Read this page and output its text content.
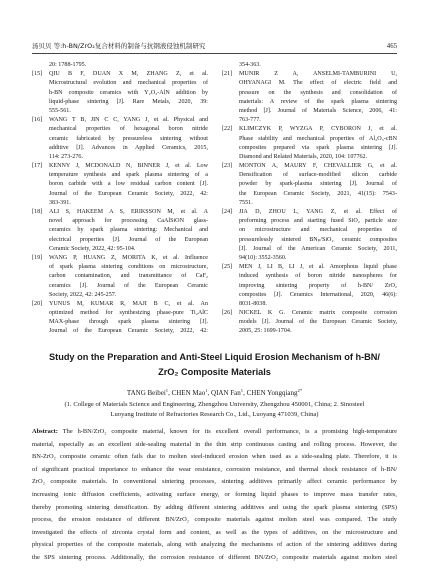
汤贝贝 等:h-BN/ZrO₂复合材料的制备与抗钢液侵蚀机制研究	465
20: 1788-1795.
[15]	QIU B F, DUAN X M, ZHANG Z, et al.
Microstructural evolution and mechanical properties of
h-BN composite ceramics with Y₂O₃-AlN addition by
liquid-phase sintering [J]. Rare Metals, 2020, 39:
555-561.
[16]	WANG T B, JIN C C, YANG J, et al. Physical and
mechanical properties of hexagonal boron nitride
ceramic fabricated by pressureless sintering without
additive [J]. Advances in Applied Ceramics, 2015,
114: 273-276.
[17]	KENNY J, MCDONALD N, BINNER J, et al. Low
temperature synthesis and spark plasma sintering of a
boron carbide with a low residual carbon content [J].
Journal of the European Ceramic Society, 2022, 42:
383-391.
[18]	ALI S, HAKEEM A S, ERIKSSON M, et al. A
novel approach for processing CaAlSiON glass-
ceramics by spark plasma sintering: Mechanical and
electrical properties [J]. Journal of the European
Ceramic Society, 2022, 42: 95-104.
[19]	WANG P, HUANG Z, MORITA K, et al. Influence
of spark plasma sintering conditions on microstructure,
carbon contamination, and transmittance of CaF₂
ceramics [J]. Journal of the European Ceramic
Society, 2022, 42: 245-257.
[20]	YUNUS M, KUMAR R, MAJI B C, et al. An
optimized method for synthesizing phase-pure Ti₂AlC
MAX-phase through spark plasma sintering [J].
Journal of the European Ceramic Society, 2022, 42:
354-363.
[21]	MUNIR Z A, ANSELMI-TAMBURINI U,
OHYANAGI M. The effect of electric field and
pressure on the synthesis and consolidation of
materials: A review of the spark plasma sintering
method [J]. Journal of Materials Science, 2006, 41:
763-777.
[22]	KLIMCZYK P, WYZGA P, CYBOROŃ J, et al.
Phase stability and mechanical properties of Al₂O₃-cBN
composites prepared via spark plasma sintering [J].
Diamond and Related Materials, 2020, 104: 107762.
[23]	MONTON A, MAURY F, CHEVALLIER G, et al.
Densification of surface-modified silicon carbide
powder by spark-plasma sintering [J]. Journal of
the European Ceramic Society, 2021, 41(15): 7543-
7551.
[24]	JIA D, ZHOU L, YANG Z, et al. Effect of
preforming process and starting fused SiO₂ particle size
on microstructure and mechanical properties of
pressurelessly sintered BNₚ/SiO₂ ceramic composites
[J]. Journal of the American Ceramic Society, 2011,
94(10): 3552-3560.
[25]	MEN J, LI B, LI J, et al. Amorphous liquid phase
induced synthesis of boron nitride nanospheres for
improving sintering property of h-BN/ ZrO₂
composites [J]. Ceramics International, 2020, 46(6):
8031-8038.
[26]	NICKEL K G. Ceramic matrix composite corrosion
models [J]. Journal of the European Ceramic Society,
2005, 25: 1699-1704.
Study on the Preparation and Anti-Steel Liquid Erosion Mechanism of h-BN/
ZrO₂ Composite Materials
TANG Beibei$^1$, CHEN Mao$^1$, QIAN Fan$^1$, CHEN Yongqiang$^{2*}$
(1. College of Materials Science and Engineering, Zhengzhou University, Zhengzhou 450001, China; 2. Sinosteel
Luoyang Institute of Refractories Research Co., Ltd., Luoyang 471039, China)
Abstract: The h-BN/ZrO₂ composite material, known for its excellent overall performance, is a promising high-temperature
material, especially as an excellent side-sealing material in the thin strip continuous casting and rolling process. However, the
BN-ZrO₂ composite ceramic often fails due to molten steel-induced erosion when used as a side-sealing plate. Therefore, it is
of significant practical importance to enhance the wear resistance, corrosion resistance, and thermal shock resistance of h-BN/
ZrO₂ composite materials. In conventional sintering processes, sintering additives primarily affect ceramic performance by
increasing ionic diffusion coefficients, activating surface energy, or forming liquid phases to improve mass transfer rates,
thereby promoting sintering densification. By adding different sintering additives and using the spark plasma sintering (SPS)
process, the erosion resistance of different BN/ZrO₂ composite materials against molten steel was compared. The study
investigated the effects of zirconia crystal form and content, as well as the types of additives, on the microstructure and
physical properties of the composite materials, along with analyzing the mechanisms of action of the sintering additives during
the SPS sintering process. Additionally, the corrosion resistance of different BN/ZrO₂ composite materials against molten steel
